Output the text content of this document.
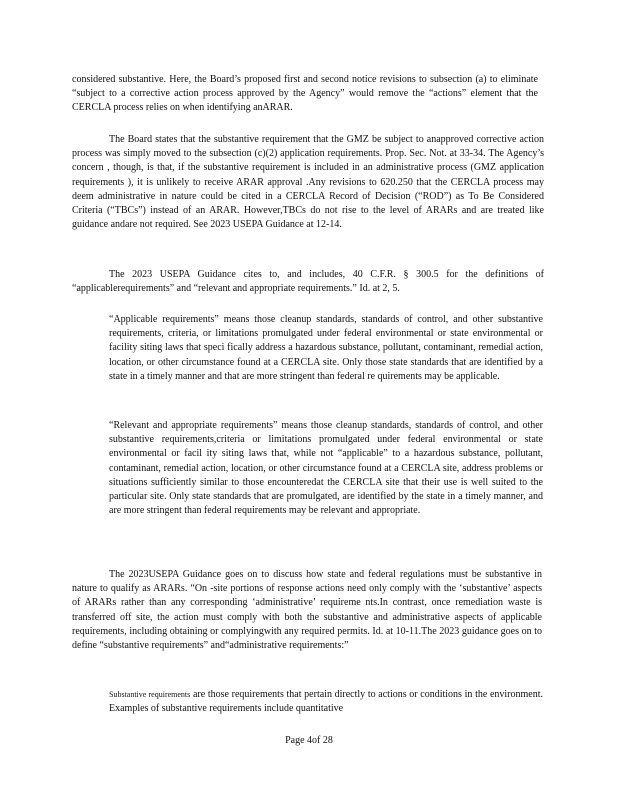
considered substantive. Here, the Board’s proposed first and second notice revisions to subsection (a) to eliminate “subject to a corrective action process approved by the Agency” would remove the “actions” element that the CERCLA process relies on when identifying anARAR.
The Board states that the substantive requirement that the GMZ be subject to anapproved corrective action process was simply moved to the subsection (c)(2) application requirements. Prop. Sec. Not. at 33-34. The Agency’s concern , though, is that, if the substantive requirement is included in an administrative process (GMZ application requirements ), it is unlikely to receive ARAR approval .Any revisions to 620.250 that the CERCLA process may deem administrative in nature could be cited in a CERCLA Record of Decision (“ROD”) as To Be Considered Criteria (“TBCs”) instead of an ARAR. However,TBCs do not rise to the level of ARARs and are treated like guidance andare not required. See 2023 USEPA Guidance at 12-14.
The 2023 USEPA Guidance cites to, and includes, 40 C.F.R. § 300.5 for the definitions of “applicablerequirements” and “relevant and appropriate requirements.” Id. at 2, 5.
“Applicable requirements” means those cleanup standards, standards of control, and other substantive requirements, criteria, or limitations promulgated under federal environmental or state environmental or facility siting laws that speci fically address a hazardous substance, pollutant, contaminant, remedial action, location, or other circumstance found at a CERCLA site. Only those state standards that are identified by a state in a timely manner and that are more stringent than federal re quirements may be applicable.
“Relevant and appropriate requirements” means those cleanup standards, standards of control, and other substantive requirements,criteria or limitations promulgated under federal environmental or state environmental or facil ity siting laws that, while not “applicable” to a hazardous substance, pollutant, contaminant, remedial action, location, or other circumstance found at a CERCLA site, address problems or situations sufficiently similar to those encounteredat the CERCLA site that their use is well suited to the particular site. Only state standards that are promulgated, are identified by the state in a timely manner, and are more stringent than federal requirements may be relevant and appropriate.
The 2023USEPA Guidance goes on to discuss how state and federal regulations must be substantive in nature to qualify as ARARs. “On -site portions of response actions need only comply with the ‘substantive’ aspects of ARARs rather than any corresponding ‘administrative’ requireme nts.In contrast, once remediation waste is transferred off site, the action must comply with both the substantive and administrative aspects of applicable requirements, including obtaining or complyingwith any required permits. Id. at 10-11.The 2023 guidance goes on to define “substantive requirements” and“administrative requirements:”
Substantive requirements are those requirements that pertain directly to actions or conditions in the environment. Examples of substantive requirements include quantitative
Page 4of 28
